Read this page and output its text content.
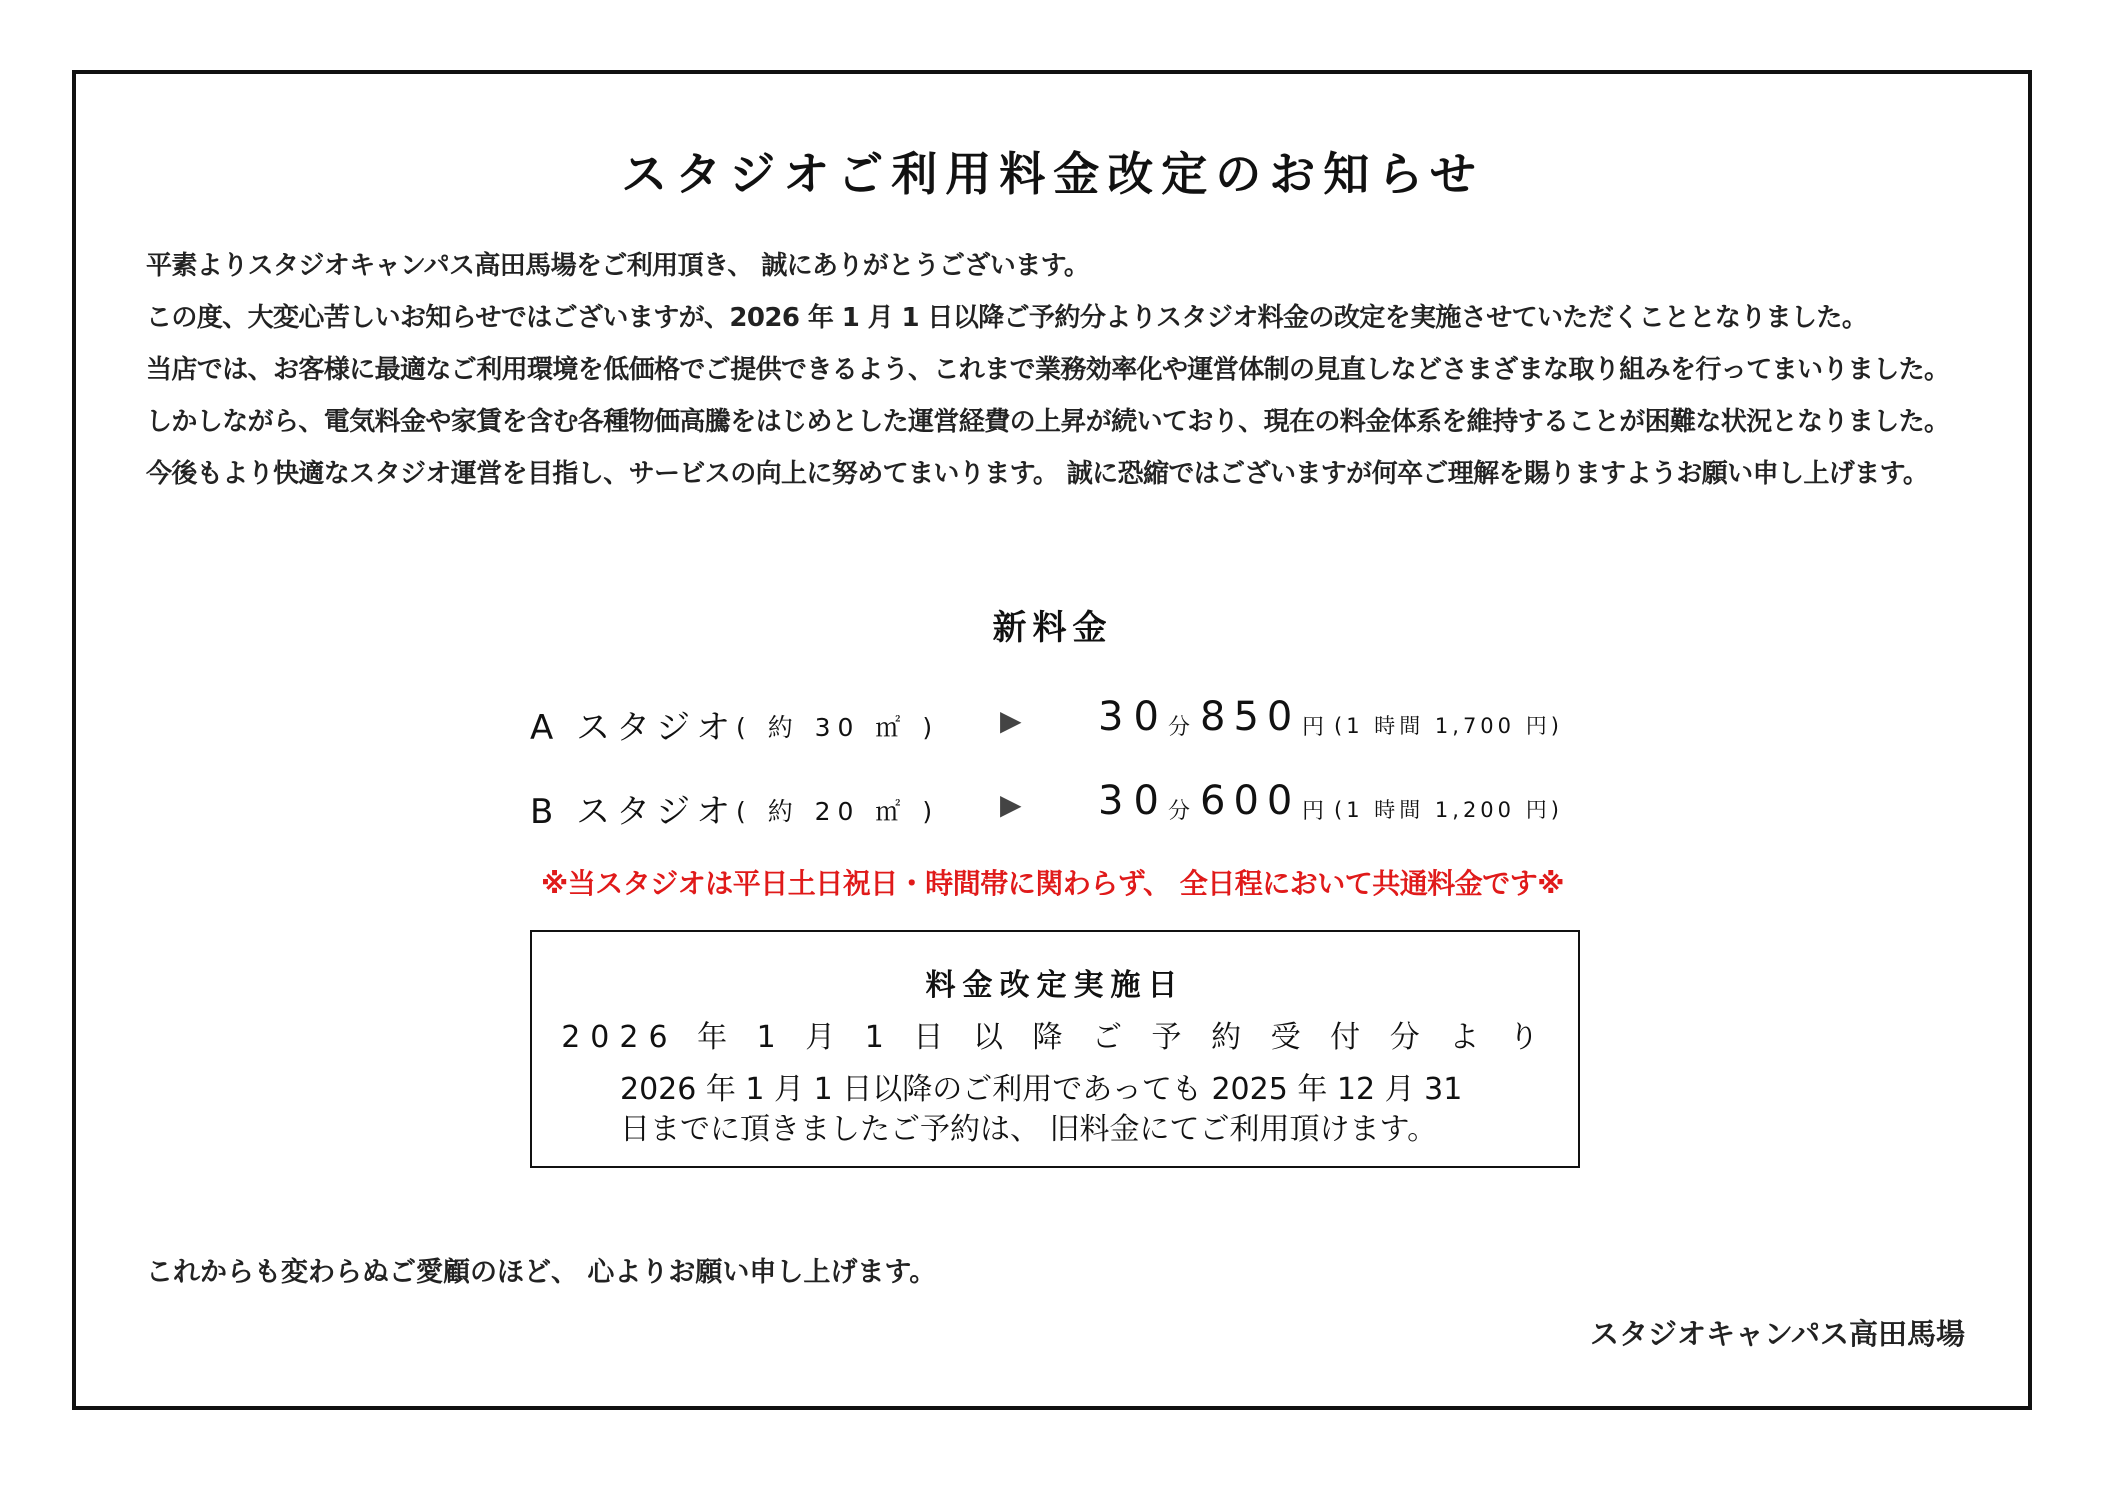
スタジオご利用料金改定のお知らせ
平素よりスタジオキャンパス高田馬場をご利用頂き、 誠にありがとうございます。
この度、大変心苦しいお知らせではございますが、2026 年 1 月 1 日以降ご予約分よりスタジオ料金の改定を実施させていただくこととなりました。
当店では、お客様に最適なご利用環境を低価格でご提供できるよう、これまで業務効率化や運営体制の見直しなどさまざまな取り組みを行ってまいりました。
しかしながら、電気料金や家賃を含む各種物価高騰をはじめとした運営経費の上昇が続いており、現在の料金体系を維持することが困難な状況となりました。
今後もより快適なスタジオ運営を目指し、サービスの向上に努めてまいります。 誠に恐縮ではございますが何卒ご理解を賜りますようお願い申し上げます。
新料金
A スタジオ ( 約 30 ㎡ ) ▶ 30 分 850 円 (1 時間 1,700 円)
B スタジオ ( 約 20 ㎡ ) ▶ 30 分 600 円 (1 時間 1,200 円)
※当スタジオは平日土日祝日・時間帯に関わらず、 全日程において共通料金です※
料金改定実施日
2026 年 1 月 1 日 以 降 ご 予 約 受 付 分 よ り
2026 年 1 月 1 日以降のご利用であっても 2025 年 12 月 31
日までに頂きましたご予約は、 旧料金にてご利用頂けます。
これからも変わらぬご愛顧のほど、 心よりお願い申し上げます。
スタジオキャンパス高田馬場
